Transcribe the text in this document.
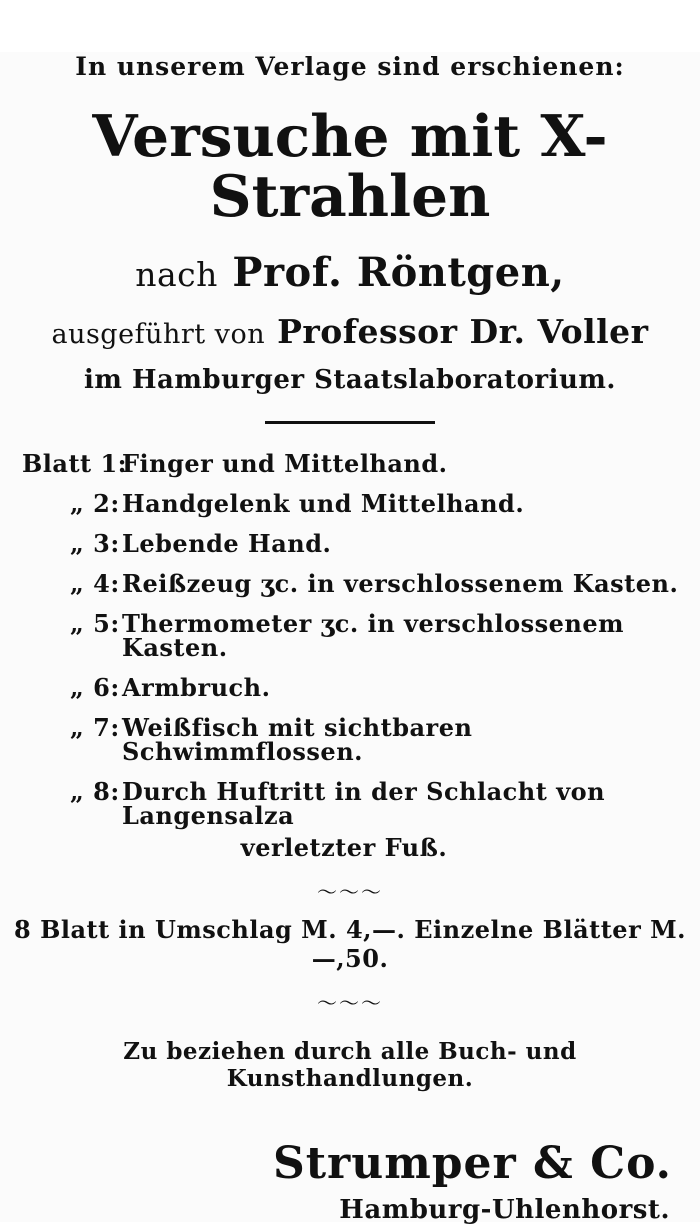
In unserem Verlage sind erschienen:
Versuche mit X-Strahlen
nach Prof. Röntgen,
ausgeführt von Professor Dr. Voller
im Hamburger Staatslaboratorium.
Blatt 1:
Finger und Mittelhand.
„ 2: Handgelenk und Mittelhand.
„ 3: Lebende Hand.
„ 4: Reißzeug ʒc. in verschlossenem Kasten.
„ 5: Thermometer ʒc. in verschlossenem Kasten.
„ 6: Armbruch.
„ 7: Weißfisch mit sichtbaren Schwimmflossen.
„ 8: Durch Huftritt in der Schlacht von Langensalza
verletzter Fuß.
～～～
8 Blatt in Umschlag M. 4,—. Einzelne Blätter M. —,50.
～～～
Zu beziehen durch alle Buch- und Kunsthandlungen.
Strumper & Co.
Hamburg-Uhlenhorst.
